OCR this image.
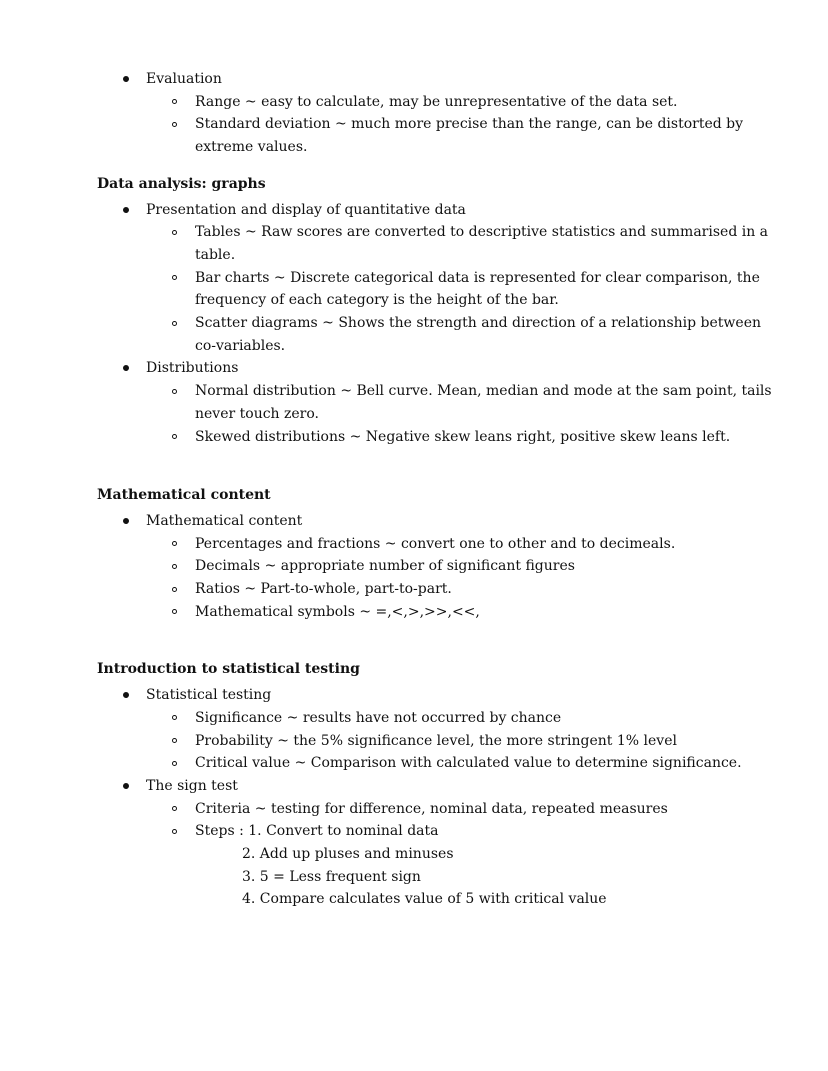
Evaluation
Range ~ easy to calculate, may be unrepresentative of the data set.
Standard deviation ~ much more precise than the range, can be distorted by
extreme values.
Data analysis: graphs
Presentation and display of quantitative data
Tables ~ Raw scores are converted to descriptive statistics and summarised in a
table.
Bar charts ~ Discrete categorical data is represented for clear comparison, the
frequency of each category is the height of the bar.
Scatter diagrams ~ Shows the strength and direction of a relationship between
co-variables.
Distributions
Normal distribution ~ Bell curve. Mean, median and mode at the sam point, tails
never touch zero.
Skewed distributions ~ Negative skew leans right, positive skew leans left.
Mathematical content
Mathematical content
Percentages and fractions ~ convert one to other and to decimeals.
Decimals ~ appropriate number of significant figures
Ratios ~ Part-to-whole, part-to-part.
Mathematical symbols ~ =,<,>,>>,<<,
Introduction to statistical testing
Statistical testing
Significance ~ results have not occurred by chance
Probability ~ the 5% significance level, the more stringent 1% level
Critical value ~ Comparison with calculated value to determine significance.
The sign test
Criteria ~ testing for difference, nominal data, repeated measures
Steps : 1. Convert to nominal data
2. Add up pluses and minuses
3. 5 = Less frequent sign
4. Compare calculates value of 5 with critical value
